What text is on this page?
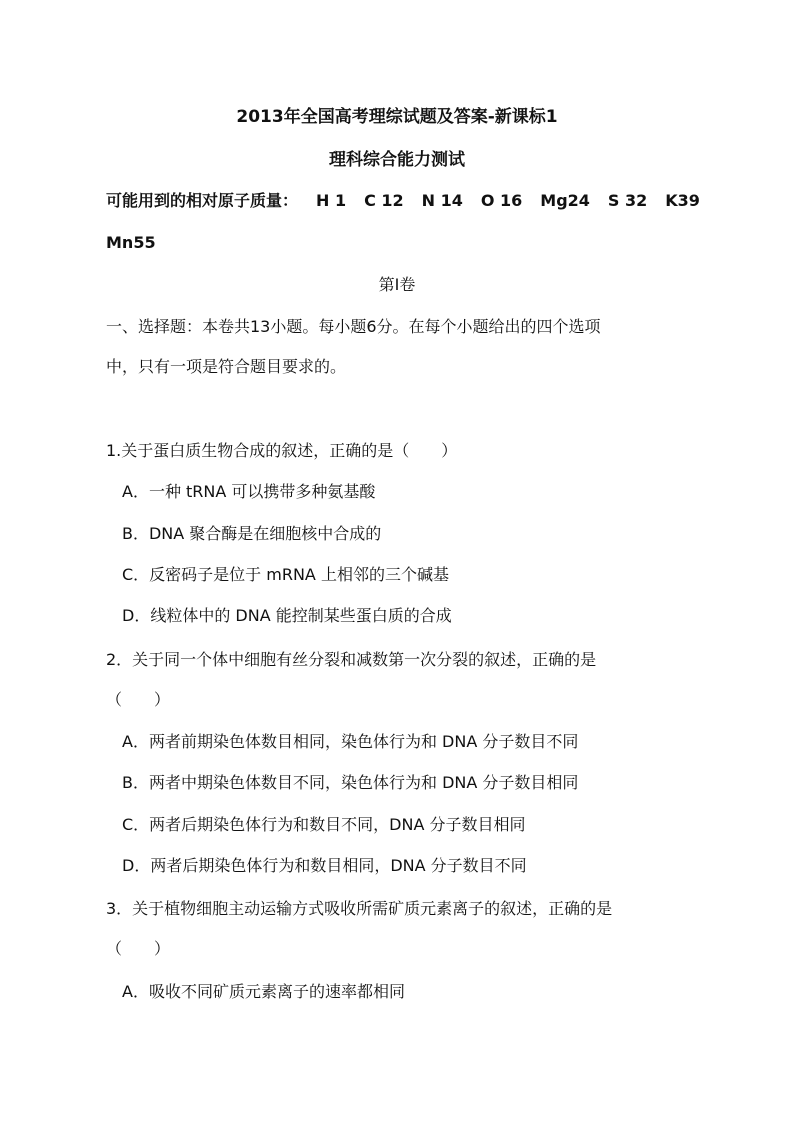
2013年全国高考理综试题及答案-新课标1
理科综合能力测试
可能用到的相对原子质量： H 1 C 12 N 14 O 16 Mg24 S 32 K39
Mn55
第Ⅰ卷
一、选择题：本卷共13小题。每小题6分。在每个小题给出的四个选项
中，只有一项是符合题目要求的。
1.关于蛋白质生物合成的叙述，正确的是（　　）
A．一种 tRNA 可以携带多种氨基酸
B．DNA 聚合酶是在细胞核中合成的
C．反密码子是位于 mRNA 上相邻的三个碱基
D．线粒体中的 DNA 能控制某些蛋白质的合成
2．关于同一个体中细胞有丝分裂和减数第一次分裂的叙述，正确的是
（　　）
A．两者前期染色体数目相同，染色体行为和 DNA 分子数目不同
B．两者中期染色体数目不同，染色体行为和 DNA 分子数目相同
C．两者后期染色体行为和数目不同，DNA 分子数目相同
D．两者后期染色体行为和数目相同，DNA 分子数目不同
3．关于植物细胞主动运输方式吸收所需矿质元素离子的叙述，正确的是
（　　）
A．吸收不同矿质元素离子的速率都相同
